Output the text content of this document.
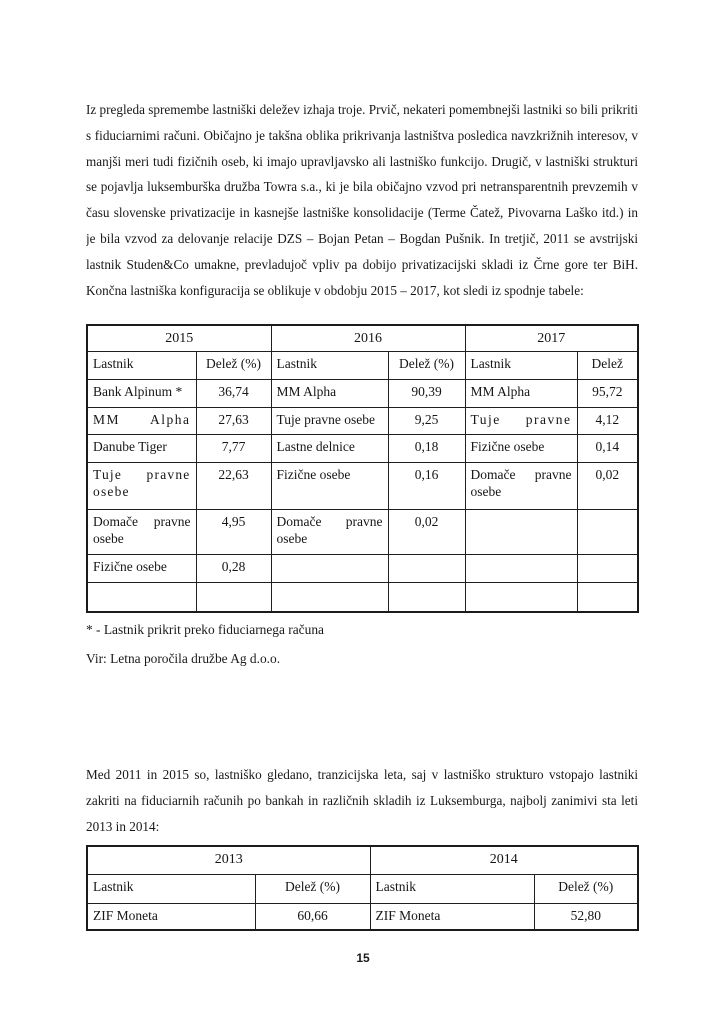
Iz pregleda spremembe lastniški deležev izhaja troje. Prvič, nekateri pomembnejši lastniki so bili prikriti s fiduciarnimi računi. Običajno je takšna oblika prikrivanja lastništva posledica navzkrižnih interesov, v manjši meri tudi fizičnih oseb, ki imajo upravljavsko ali lastniško funkcijo. Drugič, v lastniški strukturi se pojavlja luksemburška družba Towra s.a., ki je bila običajno vzvod pri netransparentnih prevzemih v času slovenske privatizacije in kasnejše lastniške konsolidacije (Terme Čatež, Pivovarna Laško itd.) in je bila vzvod za delovanje relacije DZS – Bojan Petan – Bogdan Pušnik. In tretjič, 2011 se avstrijski lastnik Studen&Co umakne, prevladujoč vpliv pa dobijo privatizacijski skladi iz Črne gore ter BiH. Končna lastniška konfiguracija se oblikuje v obdobju 2015 – 2017, kot sledi iz spodnje tabele:

2015		2016		2017	
Lastnik	Delež (%)	Lastnik	Delež (%)	Lastnik	Delež
Bank Alpinum *	36,74	MM Alpha	90,39	MM Alpha	95,72
MM Alpha	27,63	Tuje pravne osebe	9,25	Tuje pravne	4,12
Danube Tiger	7,77	Lastne delnice	0,18	Fizične osebe	0,14
Tuje pravne osebe	22,63	Fizične osebe	0,16	Domače pravne osebe	0,02
Domače pravne osebe	4,95	Domače pravne osebe	0,02		
Fizične osebe	0,28				

* - Lastnik prikrit preko fiduciarnega računa

Vir: Letna poročila družbe Ag d.o.o.

Med 2011 in 2015 so, lastniško gledano, tranzicijska leta, saj v lastniško strukturo vstopajo lastniki zakriti na fiduciarnih računih po bankah in različnih skladih iz Luksemburga, najbolj zanimivi sta leti 2013 in 2014:

2013		2014	
Lastnik	Delež (%)	Lastnik	Delež (%)
ZIF Moneta	60,66	ZIF Moneta	52,80
15
